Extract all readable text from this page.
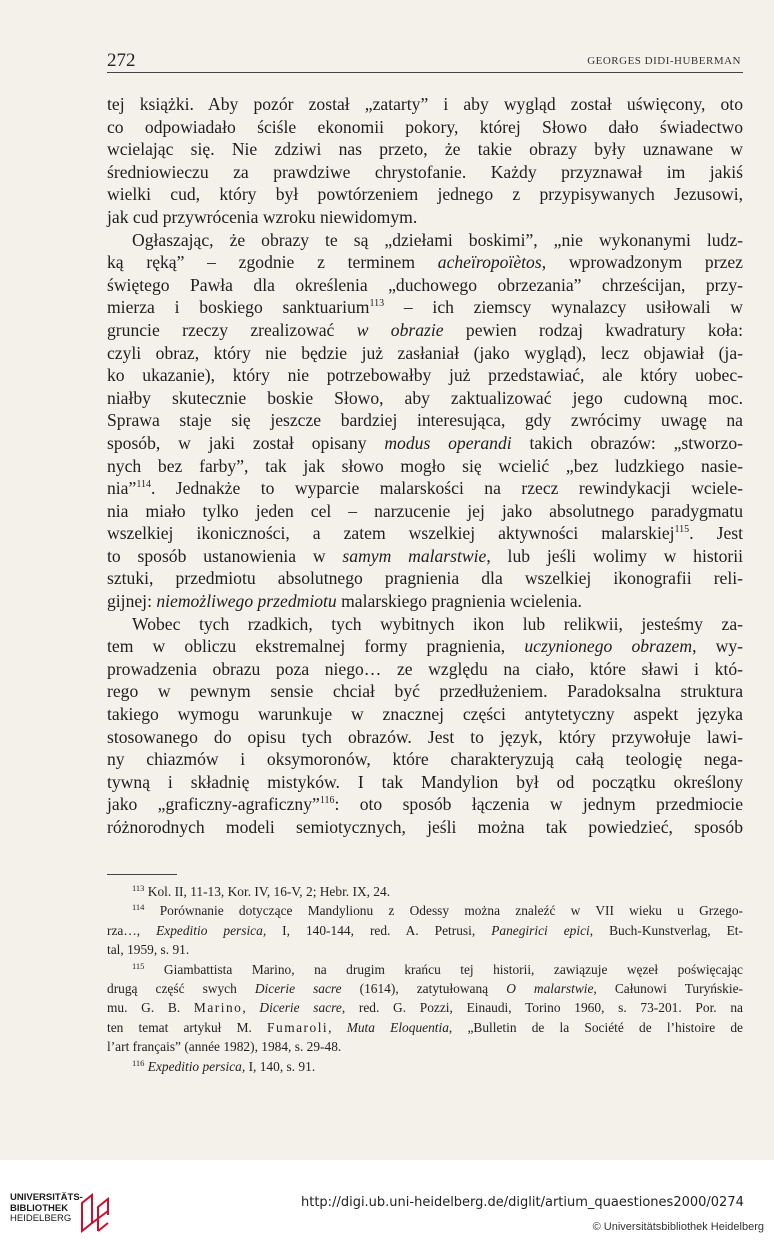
272	GEORGES DIDI-HUBERMAN
tej książki. Aby pozór został „zatarty” i aby wygląd został uświęcony, oto
co odpowiadało ściśle ekonomii pokory, której Słowo dało świadectwo
wcielając się. Nie zdziwi nas przeto, że takie obrazy były uznawane w
średniowieczu za prawdziwe chrystofanie. Każdy przyznawał im jakiś
wielki cud, który był powtórzeniem jednego z przypisywanych Jezusowi,
jak cud przywrócenia wzroku niewidomym.
Ogłaszając, że obrazy te są „dziełami boskimi”, „nie wykonanymi ludz-
ką ręką” – zgodnie z terminem acheïropoïètos, wprowadzonym przez
świętego Pawła dla określenia „duchowego obrzezania” chrześcijan, przy-
mierza i boskiego sanktuarium$^{113}$ – ich ziemscy wynalazcy usiłowali w
gruncie rzeczy zrealizować w obrazie pewien rodzaj kwadratury koła:
czyli obraz, który nie będzie już zasłaniał (jako wygląd), lecz objawiał (ja-
ko ukazanie), który nie potrzebowałby już przedstawiać, ale który uobec-
niałby skutecznie boskie Słowo, aby zaktualizować jego cudowną moc.
Sprawa staje się jeszcze bardziej interesująca, gdy zwrócimy uwagę na
sposób, w jaki został opisany modus operandi takich obrazów: „stworzo-
nych bez farby”, tak jak słowo mogło się wcielić „bez ludzkiego nasie-
nia”$^{114}$. Jednakże to wyparcie malarskości na rzecz rewindykacji wciele-
nia miało tylko jeden cel – narzucenie jej jako absolutnego paradygmatu
wszelkiej ikoniczności, a zatem wszelkiej aktywności malarskiej$^{115}$. Jest
to sposób ustanowienia w samym malarstwie, lub jeśli wolimy w historii
sztuki, przedmiotu absolutnego pragnienia dla wszelkiej ikonografii reli-
gijnej: niemożliwego przedmiotu malarskiego pragnienia wcielenia.
Wobec tych rzadkich, tych wybitnych ikon lub relikwii, jesteśmy za-
tem w obliczu ekstremalnej formy pragnienia, uczynionego obrazem, wy-
prowadzenia obrazu poza niego… ze względu na ciało, które sławi i któ-
rego w pewnym sensie chciał być przedłużeniem. Paradoksalna struktura
takiego wymogu warunkuje w znacznej części antytetyczny aspekt języka
stosowanego do opisu tych obrazów. Jest to język, który przywołuje lawi-
ny chiazmów i oksymoronów, które charakteryzują całą teologię nega-
tywną i składnię mistyków. I tak Mandylion był od początku określony
jako „graficzny-agraficzny”$^{116}$: oto sposób łączenia w jednym przedmiocie
różnorodnych modeli semiotycznych, jeśli można tak powiedzieć, sposób
$^{113}$ Kol. II, 11-13, Kor. IV, 16-V, 2; Hebr. IX, 24.
$^{114}$ Porównanie dotyczące Mandylionu z Odessy można znaleźć w VII wieku u Grzego-
rza…, Expeditio persica, I, 140-144, red. A. Petrusi, Panegirici epici, Buch-Kunstverlag, Et-
tal, 1959, s. 91.
$^{115}$ Giambattista Marino, na drugim krańcu tej historii, zawiązuje węzeł poświęcając
drugą część swych Dicerie sacre (1614), zatytułowaną O malarstwie, Całunowi Turyńskie-
mu. G. B. Marino, Dicerie sacre, red. G. Pozzi, Einaudi, Torino 1960, s. 73-201. Por. na
ten temat artykuł M. Fumaroli, Muta Eloquentia, „Bulletin de la Société de l’histoire de
l’art français” (année 1982), 1984, s. 29-48.
$^{116}$ Expeditio persica, I, 140, s. 91.
UNIVERSITÄTS-
BIBLIOTHEK
HEIDELBERG
http://digi.ub.uni-heidelberg.de/diglit/artium_quaestiones2000/0274
© Universitätsbibliothek Heidelberg
